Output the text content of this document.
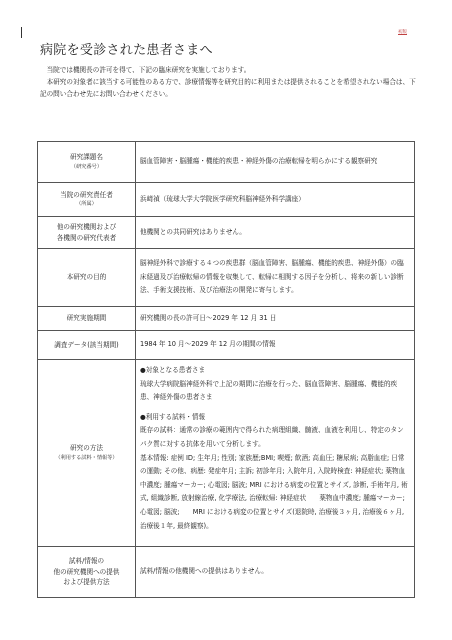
初版
病院を受診された患者さまへ

当院では機関長の許可を得て、下記の臨床研究を実施しております。

本研究の対象者に該当する可能性のある方で、診療情報等を研究目的に利用または提供されることを希望されない場合は、下記の問い合わせ先にお問い合わせください。

研究課題名
（研究番号）	脳血管障害・脳腫瘍・機能的疾患・神経外傷の治療転帰を明らかにする観察研究

当院の研究責任者
（所属）	浜﨑禎（琉球大学大学院医学研究科脳神経外科学講座）

他の研究機関および
各機関の研究代表者	他機関との共同研究はありません。

本研究の目的	脳神経外科で診療する４つの疾患群（脳血管障害、脳腫瘍、機能的疾患、神経外傷）の臨床経過及び治療転帰の情報を収集して、転帰に相関する因子を分析し、将来の新しい診断法、手術支援技術、及び治療法の開発に寄与します。

研究実施期間	研究機関の長の許可日～2029 年 12 月 31 日

調査データ(該当期間)	1984 年 10 月～2029 年 12 月の期間の情報

研究の方法
（利用する試料・情報等）	●対象となる患者さま
琉球大学病院脳神経外科で上記の期間に治療を行った、脳血管障害、脳腫瘍、機能的疾患、神経外傷の患者さま
●利用する試料・情報
既存の試料：通常の診療の範囲内で得られた病理組織、髄液、血液を利用し、特定のタンパク質に対する抗体を用いて分析します。
基本情報: 症例 ID; 生年月; 性別; 家族歴;BMI; 喫煙; 飲酒; 高血圧; 糖尿病; 高脂血症; 日常の運動; その他、病歴: 発症年月; 主訴; 初診年月; 入院年月, 入院時検査: 神経症状; 薬物血中濃度; 腫瘍マーカー; 心電図; 脳波; MRI における病変の位置とサイズ, 診断, 手術年月, 術式, 組織診断, 放射線治療, 化学療法, 治療転帰: 神経症状　　薬物血中濃度; 腫瘍マーカー; 心電図; 脳波;　　MRI における病変の位置とサイズ(退院時, 治療後３ヶ月, 治療後６ヶ月, 治療後１年, 最終観察)。

試料/情報の
他の研究機関への提供
および提供方法	試料/情報の他機関への提供はありません。
